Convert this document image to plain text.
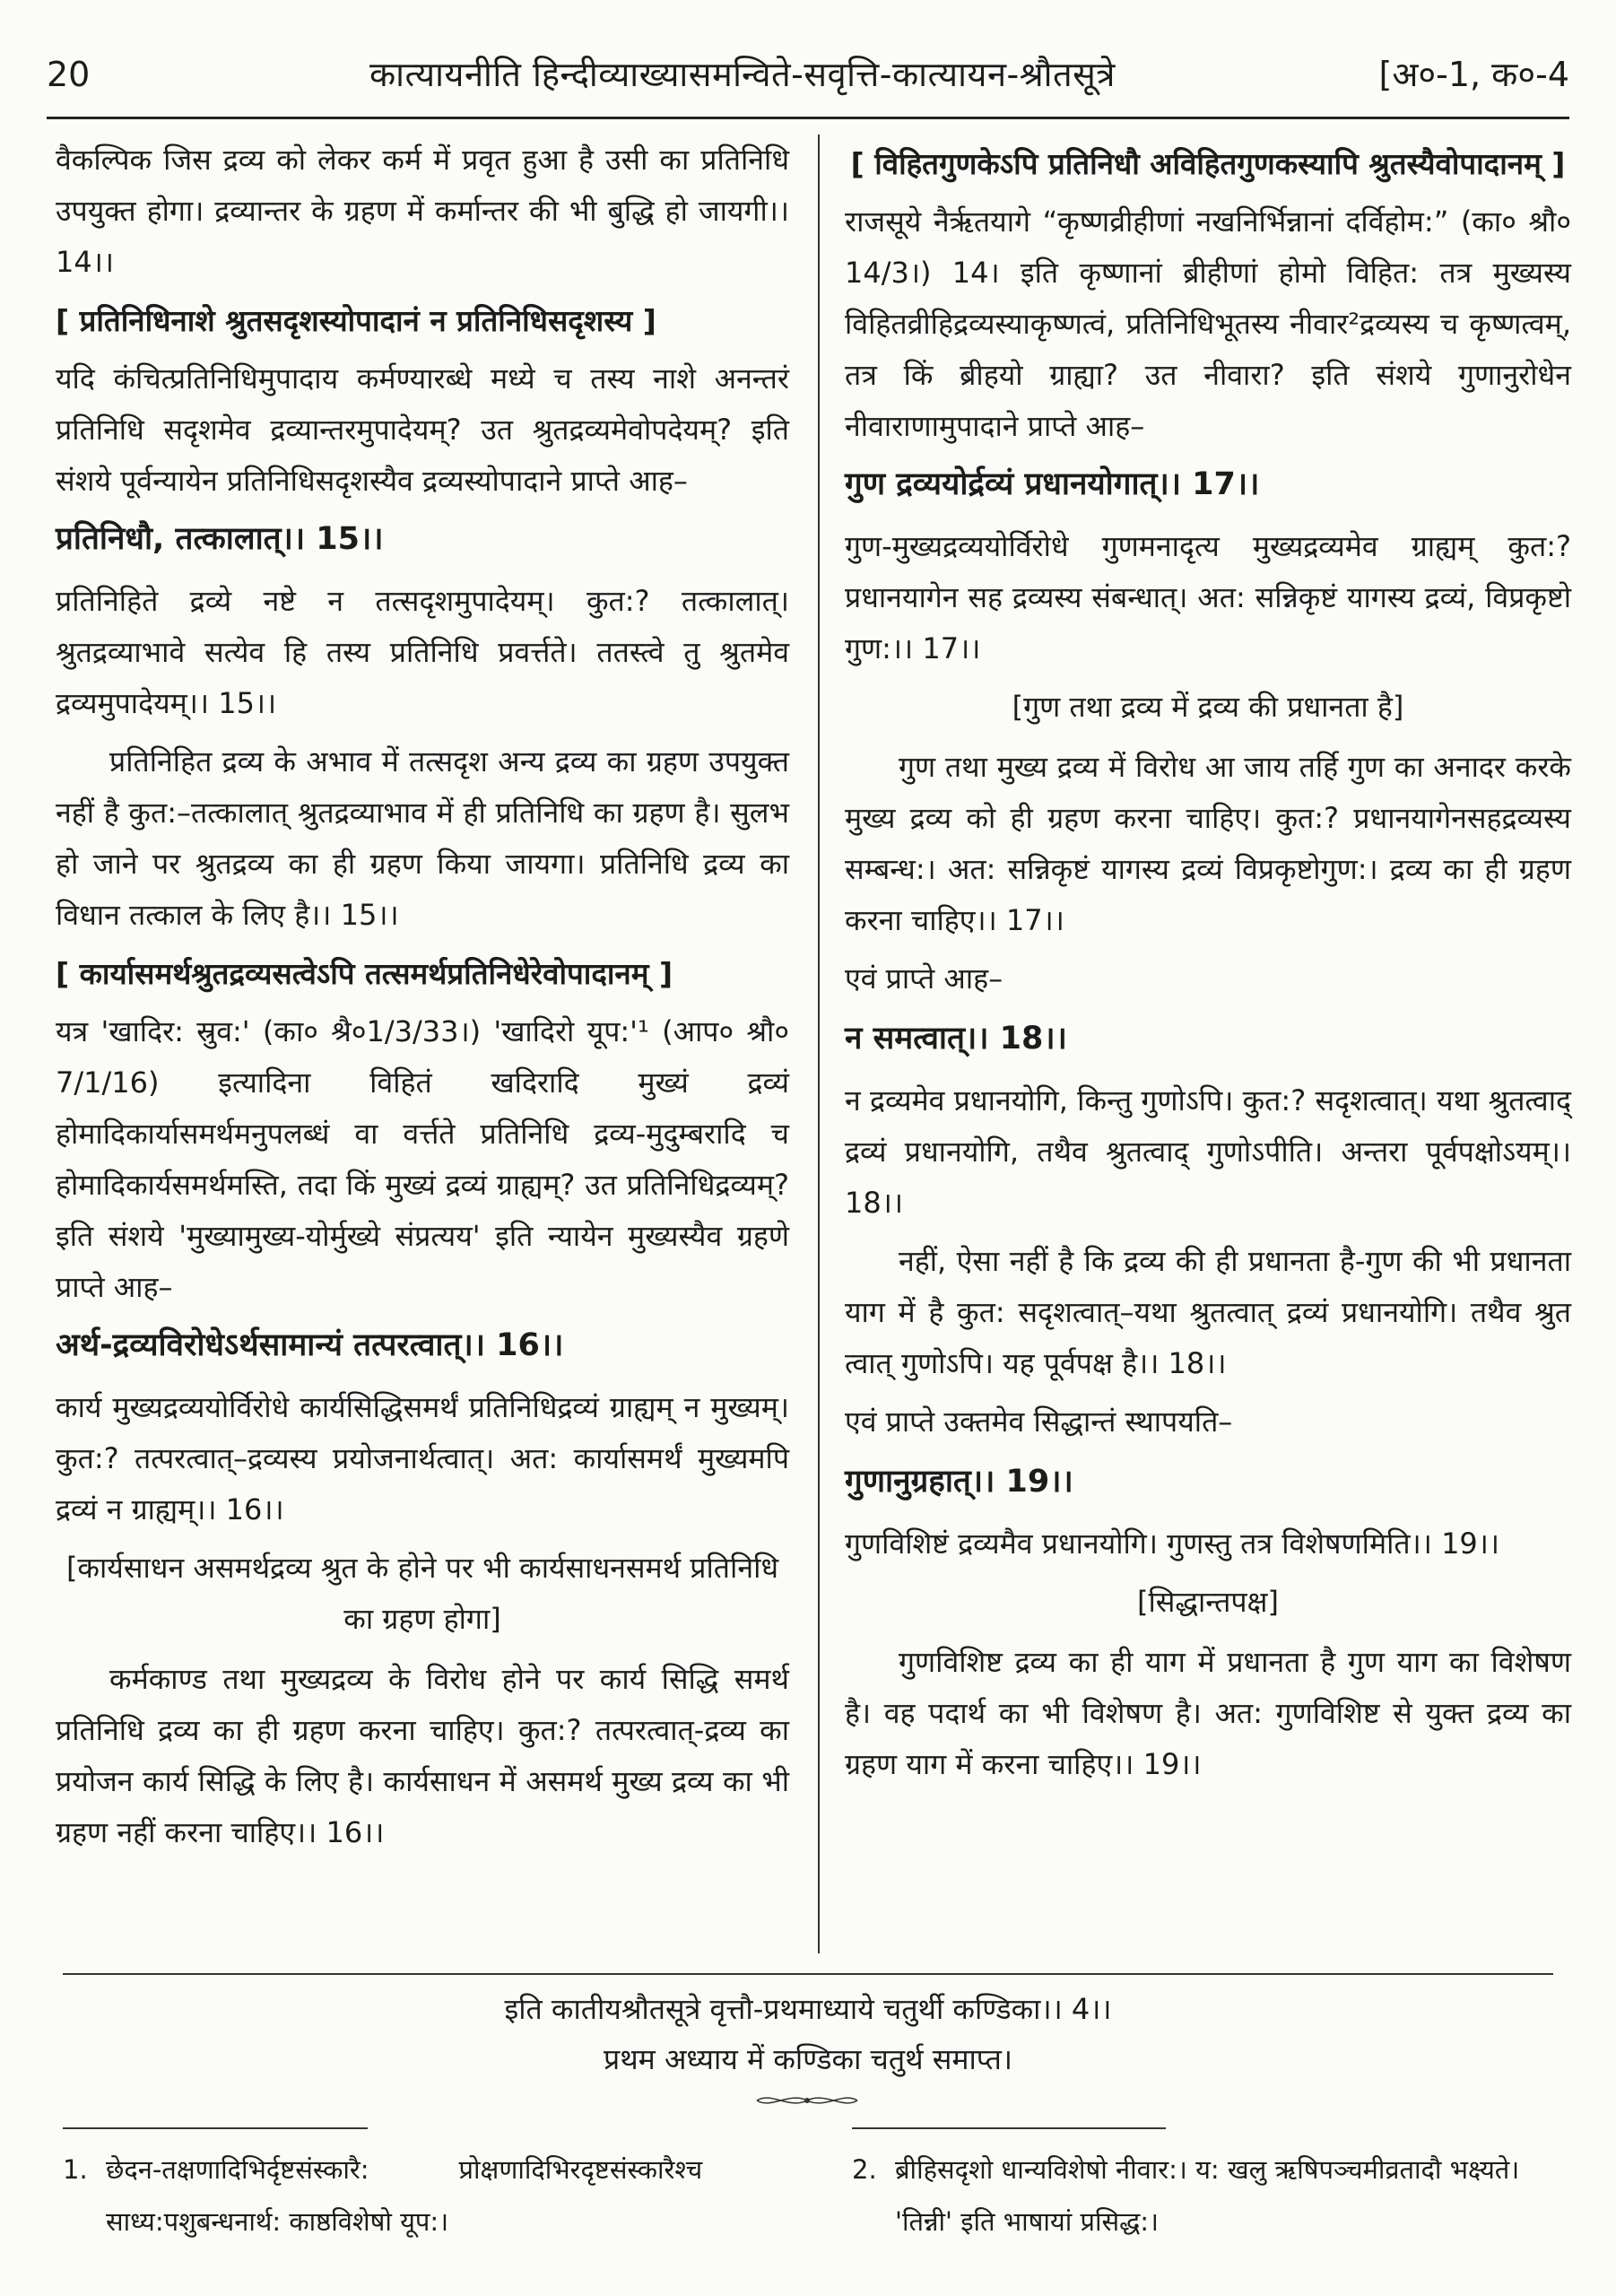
20	कात्यायनीति हिन्दीव्याख्यासमन्विते-सवृत्ति-कात्यायन-श्रौतसूत्रे	[अ०-1, क०-4

वैकल्पिक जिस द्रव्य को लेकर कर्म में प्रवृत हुआ है उसी का प्रतिनिधि उपयुक्त होगा। द्रव्यान्तर के ग्रहण में कर्मान्तर की भी बुद्धि हो जायगी।। 14।।

[ प्रतिनिधिनाशे श्रुतसदृशस्योपादानं न प्रतिनिधिसदृशस्य ]

यदि कंचित्प्रतिनिधिमुपादाय कर्मण्यारब्धे मध्ये च तस्य नाशे अनन्तरं प्रतिनिधि सदृशमेव द्रव्यान्तरमुपादेयम्? उत श्रुतद्रव्यमेवोपदेयम्? इति संशये पूर्वन्यायेन प्रतिनिधिसदृशस्यैव द्रव्यस्योपादाने प्राप्ते आह–

प्रतिनिधौ, तत्कालात्।। 15।।

प्रतिनिहिते द्रव्ये नष्टे न तत्सदृशमुपादेयम्। कुत:? तत्कालात्। श्रुतद्रव्याभावे सत्येव हि तस्य प्रतिनिधि प्रवर्त्तते। ततस्त्वे तु श्रुतमेव द्रव्यमुपादेयम्।। 15।।

प्रतिनिहित द्रव्य के अभाव में तत्सदृश अन्य द्रव्य का ग्रहण उपयुक्त नहीं है कुत:–तत्कालात् श्रुतद्रव्याभाव में ही प्रतिनिधि का ग्रहण है। सुलभ हो जाने पर श्रुतद्रव्य का ही ग्रहण किया जायगा। प्रतिनिधि द्रव्य का विधान तत्काल के लिए है।। 15।।

[ कार्यासमर्थश्रुतद्रव्यसत्वेऽपि तत्समर्थप्रतिनिधेरेवोपादानम् ]

यत्र 'खादिर: स्रुव:' (का० श्रै०1/3/33।) 'खादिरो यूप:'¹ (आप० श्रौ० 7/1/16) इत्यादिना विहितं खदिरादि मुख्यं द्रव्यं होमादिकार्यासमर्थमनुपलब्धं वा वर्त्तते प्रतिनिधि द्रव्य-मुदुम्बरादि च होमादिकार्यसमर्थमस्ति, तदा किं मुख्यं द्रव्यं ग्राह्यम्? उत प्रतिनिधिद्रव्यम्? इति संशये 'मुख्यामुख्य-योर्मुख्ये संप्रत्यय' इति न्यायेन मुख्यस्यैव ग्रहणे प्राप्ते आह–

अर्थ-द्रव्यविरोधेऽर्थसामान्यं तत्परत्वात्।। 16।।

कार्य मुख्यद्रव्ययोर्विरोधे कार्यसिद्धिसमर्थं प्रतिनिधिद्रव्यं ग्राह्यम् न मुख्यम्। कुत:? तत्परत्वात्–द्रव्यस्य प्रयोजनार्थत्वात्। अत: कार्यासमर्थं मुख्यमपि द्रव्यं न ग्राह्यम्।। 16।।

[कार्यसाधन असमर्थद्रव्य श्रुत के होने पर भी कार्यसाधनसमर्थ प्रतिनिधि का ग्रहण होगा]

कर्मकाण्ड तथा मुख्यद्रव्य के विरोध होने पर कार्य सिद्धि समर्थ प्रतिनिधि द्रव्य का ही ग्रहण करना चाहिए। कुत:? तत्परत्वात्-द्रव्य का प्रयोजन कार्य सिद्धि के लिए है। कार्यसाधन में असमर्थ मुख्य द्रव्य का भी ग्रहण नहीं करना चाहिए।। 16।।

[ विहितगुणकेऽपि प्रतिनिधौ अविहितगुणकस्यापि श्रुतस्यैवोपादानम् ]

राजसूये नैर्ऋतयागे “कृष्णव्रीहीणां नखनिर्भिन्नानां दर्विहोम:” (का० श्रौ० 14/3।) 14। इति कृष्णानां ब्रीहीणां होमो विहित: तत्र मुख्यस्य विहितव्रीहिद्रव्यस्याकृष्णत्वं, प्रतिनिधिभूतस्य नीवार²द्रव्यस्य च कृष्णत्वम्, तत्र किं ब्रीहयो ग्राह्या? उत नीवारा? इति संशये गुणानुरोधेन नीवाराणामुपादाने प्राप्ते आह–

गुण द्रव्ययोर्द्रव्यं प्रधानयोगात्।। 17।।

गुण-मुख्यद्रव्ययोर्विरोधे गुणमनादृत्य मुख्यद्रव्यमेव ग्राह्यम् कुत:? प्रधानयागेन सह द्रव्यस्य संबन्धात्। अत: सन्निकृष्टं यागस्य द्रव्यं, विप्रकृष्टो गुण:।। 17।।

[गुण तथा द्रव्य में द्रव्य की प्रधानता है]

गुण तथा मुख्य द्रव्य में विरोध आ जाय तर्हि गुण का अनादर करके मुख्य द्रव्य को ही ग्रहण करना चाहिए। कुत:? प्रधानयागेनसहद्रव्यस्य सम्बन्ध:। अत: सन्निकृष्टं यागस्य द्रव्यं विप्रकृष्टोगुण:। द्रव्य का ही ग्रहण करना चाहिए।। 17।।

एवं प्राप्ते आह–
न समत्वात्।। 18।।

न द्रव्यमेव प्रधानयोगि, किन्तु गुणोऽपि। कुत:? सदृशत्वात्। यथा श्रुतत्वाद् द्रव्यं प्रधानयोगि, तथैव श्रुतत्वाद् गुणोऽपीति। अन्तरा पूर्वपक्षोऽयम्।। 18।।

नहीं, ऐसा नहीं है कि द्रव्य की ही प्रधानता है-गुण की भी प्रधानता याग में है कुत: सदृशत्वात्–यथा श्रुतत्वात् द्रव्यं प्रधानयोगि। तथैव श्रुत त्वात् गुणोऽपि। यह पूर्वपक्ष है।। 18।।

एवं प्राप्ते उक्तमेव सिद्धान्तं स्थापयति–
गुणानुग्रहात्।। 19।।

गुणविशिष्टं द्रव्यमैव प्रधानयोगि। गुणस्तु तत्र विशेषणमिति।। 19।।

[सिद्धान्तपक्ष]

गुणविशिष्ट द्रव्य का ही याग में प्रधानता है गुण याग का विशेषण है। वह पदार्थ का भी विशेषण है। अत: गुणविशिष्ट से युक्त द्रव्य का ग्रहण याग में करना चाहिए।। 19।।

इति कातीयश्रौतसूत्रे वृत्तौ-प्रथमाध्याये चतुर्थी कण्डिका।। 4।।
प्रथम अध्याय में कण्डिका चतुर्थ समाप्त।
1. छेदन-तक्षणादिभिर्दृष्टसंस्कारै:	प्रोक्षणादिभिरदृष्टसंस्कारैश्च
साध्य:पशुबन्धनार्थ: काष्ठविशेषो यूप:।
2. ब्रीहिसदृशो धान्यविशेषो नीवार:। य: खलु ऋषिपञ्चमीव्रतादौ भक्ष्यते।
'तिन्नी' इति भाषायां प्रसिद्ध:।
